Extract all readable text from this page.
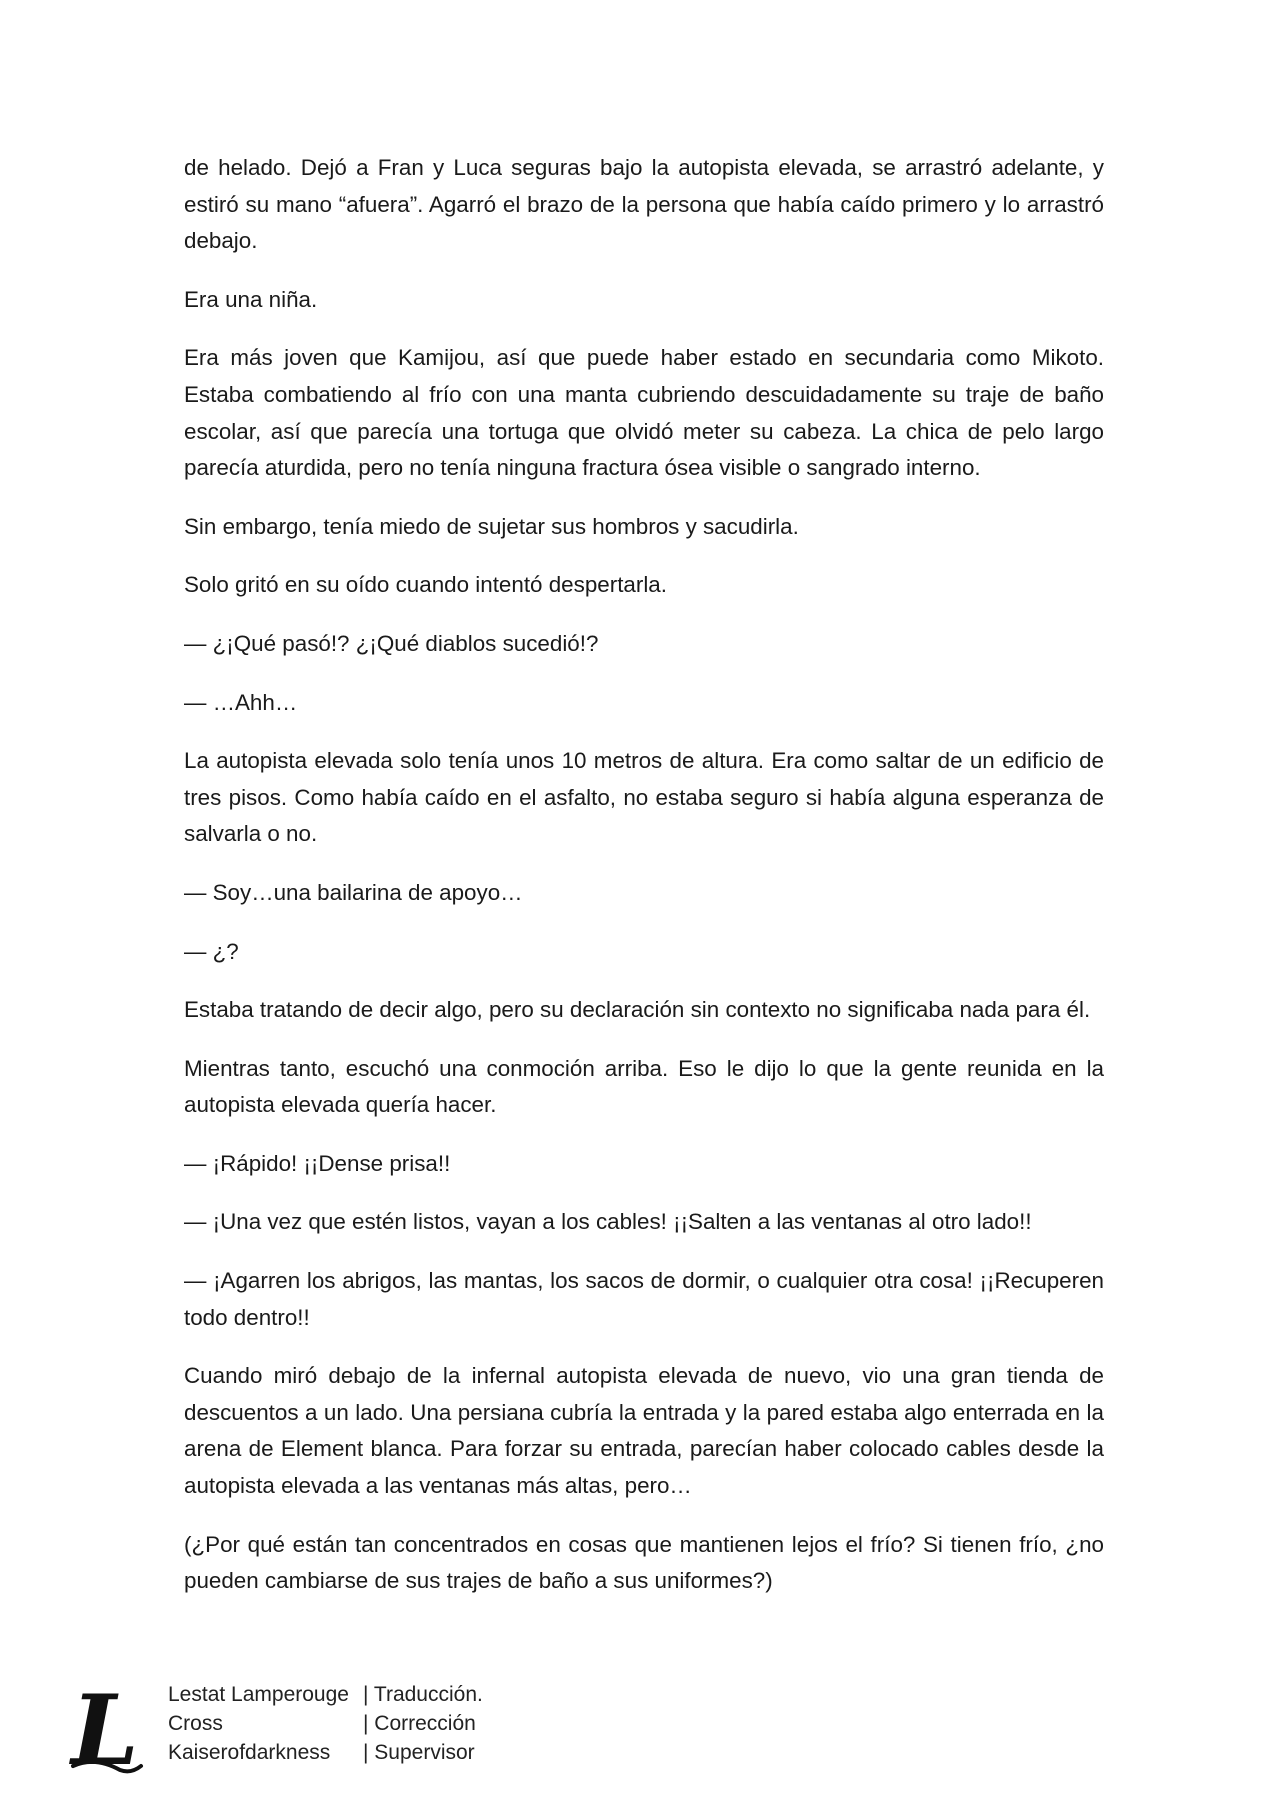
de helado. Dejó a Fran y Luca seguras bajo la autopista elevada, se arrastró adelante, y estiró su mano “afuera”. Agarró el brazo de la persona que había caído primero y lo arrastró debajo.

Era una niña.

Era más joven que Kamijou, así que puede haber estado en secundaria como Mikoto. Estaba combatiendo al frío con una manta cubriendo descuidadamente su traje de baño escolar, así que parecía una tortuga que olvidó meter su cabeza. La chica de pelo largo parecía aturdida, pero no tenía ninguna fractura ósea visible o sangrado interno.

Sin embargo, tenía miedo de sujetar sus hombros y sacudirla.

Solo gritó en su oído cuando intentó despertarla.

— ¿¡Qué pasó!? ¿¡Qué diablos sucedió!?

— …Ahh…

La autopista elevada solo tenía unos 10 metros de altura. Era como saltar de un edificio de tres pisos. Como había caído en el asfalto, no estaba seguro si había alguna esperanza de salvarla o no.

— Soy…una bailarina de apoyo…

— ¿?

Estaba tratando de decir algo, pero su declaración sin contexto no significaba nada para él.

Mientras tanto, escuchó una conmoción arriba. Eso le dijo lo que la gente reunida en la autopista elevada quería hacer.

— ¡Rápido! ¡¡Dense prisa!!

— ¡Una vez que estén listos, vayan a los cables! ¡¡Salten a las ventanas al otro lado!!

— ¡Agarren los abrigos, las mantas, los sacos de dormir, o cualquier otra cosa! ¡¡Recuperen todo dentro!!

Cuando miró debajo de la infernal autopista elevada de nuevo, vio una gran tienda de descuentos a un lado. Una persiana cubría la entrada y la pared estaba algo enterrada en la arena de Element blanca. Para forzar su entrada, parecían haber colocado cables desde la autopista elevada a las ventanas más altas, pero…

(¿Por qué están tan concentrados en cosas que mantienen lejos el frío? Si tienen frío, ¿no pueden cambiarse de sus trajes de baño a sus uniformes?)

L Lestat Lamperouge | Traducción.
Cross	| Corrección
Kaiserofdarkness	| Supervisor
